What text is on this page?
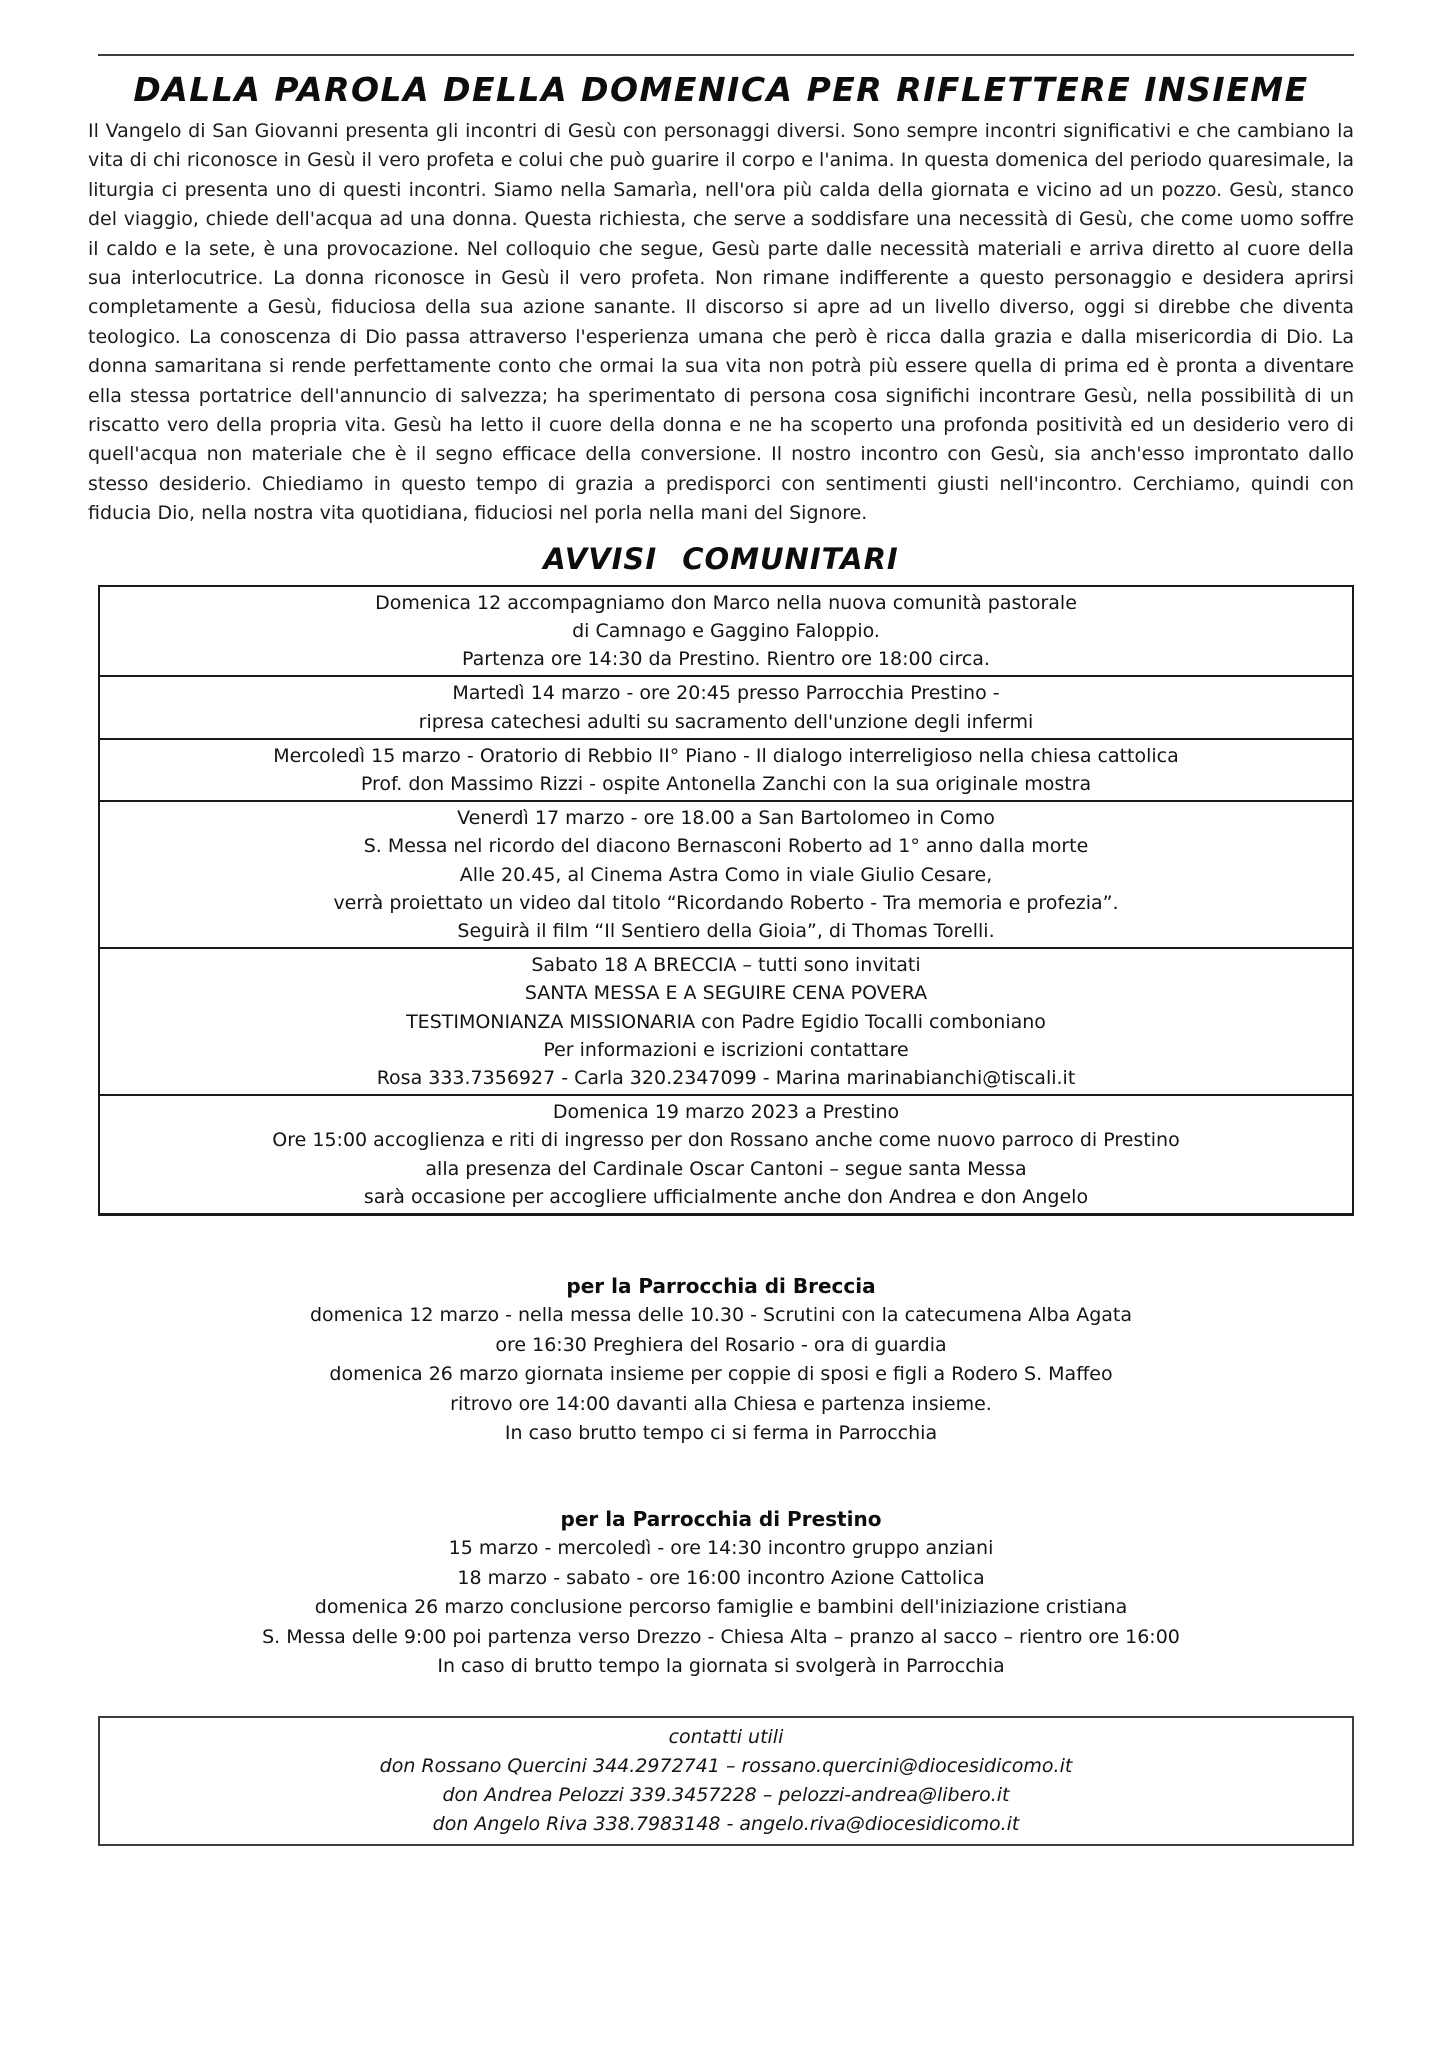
DALLA PAROLA DELLA DOMENICA PER RIFLETTERE INSIEME

Il Vangelo di San Giovanni presenta gli incontri di Gesù con personaggi diversi. Sono sempre incontri significativi e che cambiano la vita di chi riconosce in Gesù il vero profeta e colui che può guarire il corpo e l'anima. In questa domenica del periodo quaresimale, la liturgia ci presenta uno di questi incontri. Siamo nella Samarìa, nell'ora più calda della giornata e vicino ad un pozzo. Gesù, stanco del viaggio, chiede dell'acqua ad una donna. Questa richiesta, che serve a soddisfare una necessità di Gesù, che come uomo soffre il caldo e la sete, è una provocazione. Nel colloquio che segue, Gesù parte dalle necessità materiali e arriva diretto al cuore della sua interlocutrice. La donna riconosce in Gesù il vero profeta. Non rimane indifferente a questo personaggio e desidera aprirsi completamente a Gesù, fiduciosa della sua azione sanante. Il discorso si apre ad un livello diverso, oggi si direbbe che diventa teologico. La conoscenza di Dio passa attraverso l'esperienza umana che però è ricca dalla grazia e dalla misericordia di Dio. La donna samaritana si rende perfettamente conto che ormai la sua vita non potrà più essere quella di prima ed è pronta a diventare ella stessa portatrice dell'annuncio di salvezza; ha sperimentato di persona cosa significhi incontrare Gesù, nella possibilità di un riscatto vero della propria vita. Gesù ha letto il cuore della donna e ne ha scoperto una profonda positività ed un desiderio vero di quell'acqua non materiale che è il segno efficace della conversione. Il nostro incontro con Gesù, sia anch'esso improntato dallo stesso desiderio. Chiediamo in questo tempo di grazia a predisporci con sentimenti giusti nell'incontro. Cerchiamo, quindi con fiducia Dio, nella nostra vita quotidiana, fiduciosi nel porla nella mani del Signore.

AVVISI COMUNITARI
Domenica 12 accompagniamo don Marco nella nuova comunità pastorale
di Camnago e Gaggino Faloppio.
Partenza ore 14:30 da Prestino. Rientro ore 18:00 circa.
Martedì 14 marzo - ore 20:45 presso Parrocchia Prestino -
ripresa catechesi adulti su sacramento dell'unzione degli infermi
Mercoledì 15 marzo - Oratorio di Rebbio II° Piano - Il dialogo interreligioso nella chiesa cattolica
Prof. don Massimo Rizzi - ospite Antonella Zanchi con la sua originale mostra
Venerdì 17 marzo - ore 18.00 a San Bartolomeo in Como
S. Messa nel ricordo del diacono Bernasconi Roberto ad 1° anno dalla morte
Alle 20.45, al Cinema Astra Como in viale Giulio Cesare,
verrà proiettato un video dal titolo “Ricordando Roberto - Tra memoria e profezia”.
Seguirà il film “Il Sentiero della Gioia”, di Thomas Torelli.
Sabato 18 A BRECCIA – tutti sono invitati
SANTA MESSA E A SEGUIRE CENA POVERA
TESTIMONIANZA MISSIONARIA con Padre Egidio Tocalli comboniano
Per informazioni e iscrizioni contattare
Rosa 333.7356927 - Carla 320.2347099 - Marina marinabianchi@tiscali.it
Domenica 19 marzo 2023 a Prestino
Ore 15:00 accoglienza e riti di ingresso per don Rossano anche come nuovo parroco di Prestino
alla presenza del Cardinale Oscar Cantoni – segue santa Messa
sarà occasione per accogliere ufficialmente anche don Andrea e don Angelo
per la Parrocchia di Breccia
domenica 12 marzo - nella messa delle 10.30 - Scrutini con la catecumena Alba Agata
ore 16:30 Preghiera del Rosario - ora di guardia
domenica 26 marzo giornata insieme per coppie di sposi e figli a Rodero S. Maffeo
ritrovo ore 14:00 davanti alla Chiesa e partenza insieme.
In caso brutto tempo ci si ferma in Parrocchia
per la Parrocchia di Prestino
15 marzo - mercoledì - ore 14:30 incontro gruppo anziani
18 marzo - sabato - ore 16:00 incontro Azione Cattolica
domenica 26 marzo conclusione percorso famiglie e bambini dell'iniziazione cristiana
S. Messa delle 9:00 poi partenza verso Drezzo - Chiesa Alta – pranzo al sacco – rientro ore 16:00
In caso di brutto tempo la giornata si svolgerà in Parrocchia
contatti utili
don Rossano Quercini 344.2972741 – rossano.quercini@diocesidicomo.it
don Andrea Pelozzi 339.3457228 – pelozzi-andrea@libero.it
don Angelo Riva 338.7983148 - angelo.riva@diocesidicomo.it
